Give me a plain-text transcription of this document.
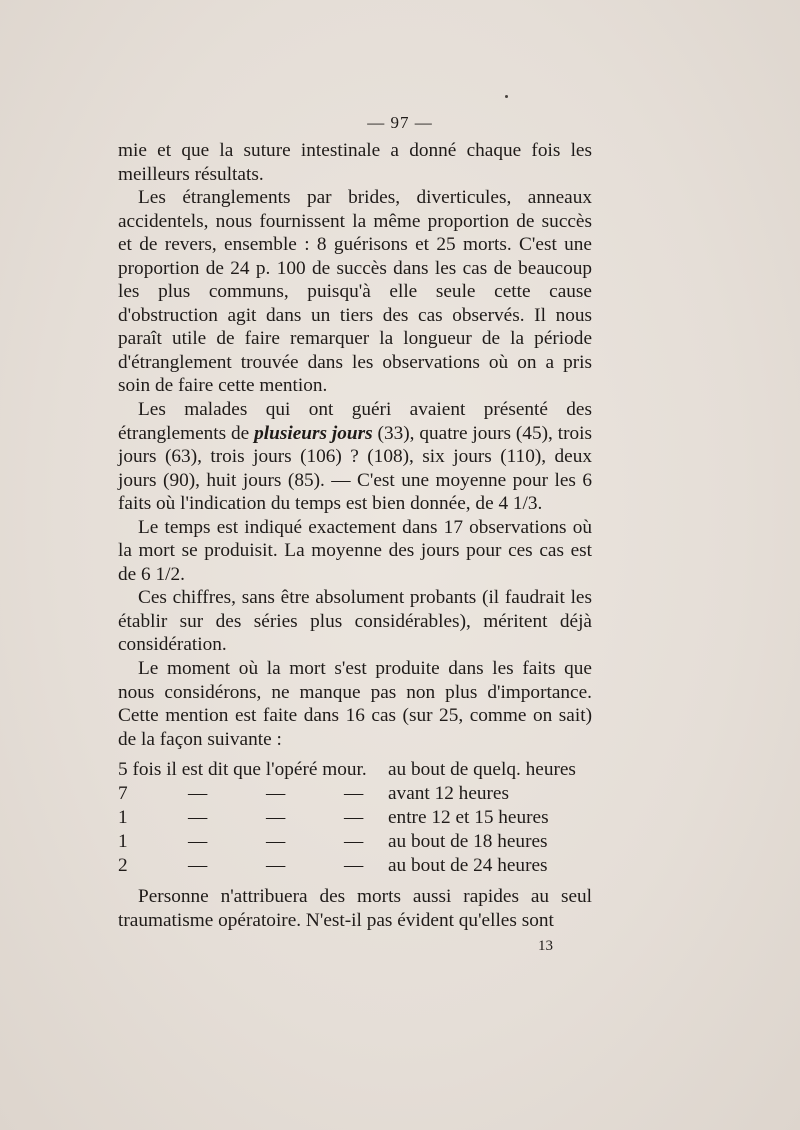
— 97 —

mie et que la suture intestinale a donné chaque fois les meilleurs résultats.

Les étranglements par brides, diverticules, anneaux accidentels, nous fournissent la même proportion de succès et de revers, ensemble : 8 guérisons et 25 morts. C'est une proportion de 24 p. 100 de succès dans les cas de beaucoup les plus communs, puisqu'à elle seule cette cause d'obstruction agit dans un tiers des cas observés. Il nous paraît utile de faire remarquer la longueur de la période d'étranglement trouvée dans les observations où on a pris soin de faire cette mention.

Les malades qui ont guéri avaient présenté des étranglements de plusieurs jours (33), quatre jours (45), trois jours (63), trois jours (106) ? (108), six jours (110), deux jours (90), huit jours (85). — C'est une moyenne pour les 6 faits où l'indication du temps est bien donnée, de 4 1/3.

Le temps est indiqué exactement dans 17 observations où la mort se produisit. La moyenne des jours pour ces cas est de 6 1/2.

Ces chiffres, sans être absolument probants (il faudrait les établir sur des séries plus considérables), méritent déjà considération.

Le moment où la mort s'est produite dans les faits que nous considérons, ne manque pas non plus d'importance. Cette mention est faite dans 16 cas (sur 25, comme on sait) de la façon suivante :

5 fois il est dit que l'opéré mour. au bout de quelq. heures
7	—	—	— avant 12 heures
1	—	—	— entre 12 et 15 heures
1	—	—	— au bout de 18 heures
2	—	—	— au bout de 24 heures

Personne n'attribuera des morts aussi rapides au seul traumatisme opératoire. N'est-il pas évident qu'elles sont

13
